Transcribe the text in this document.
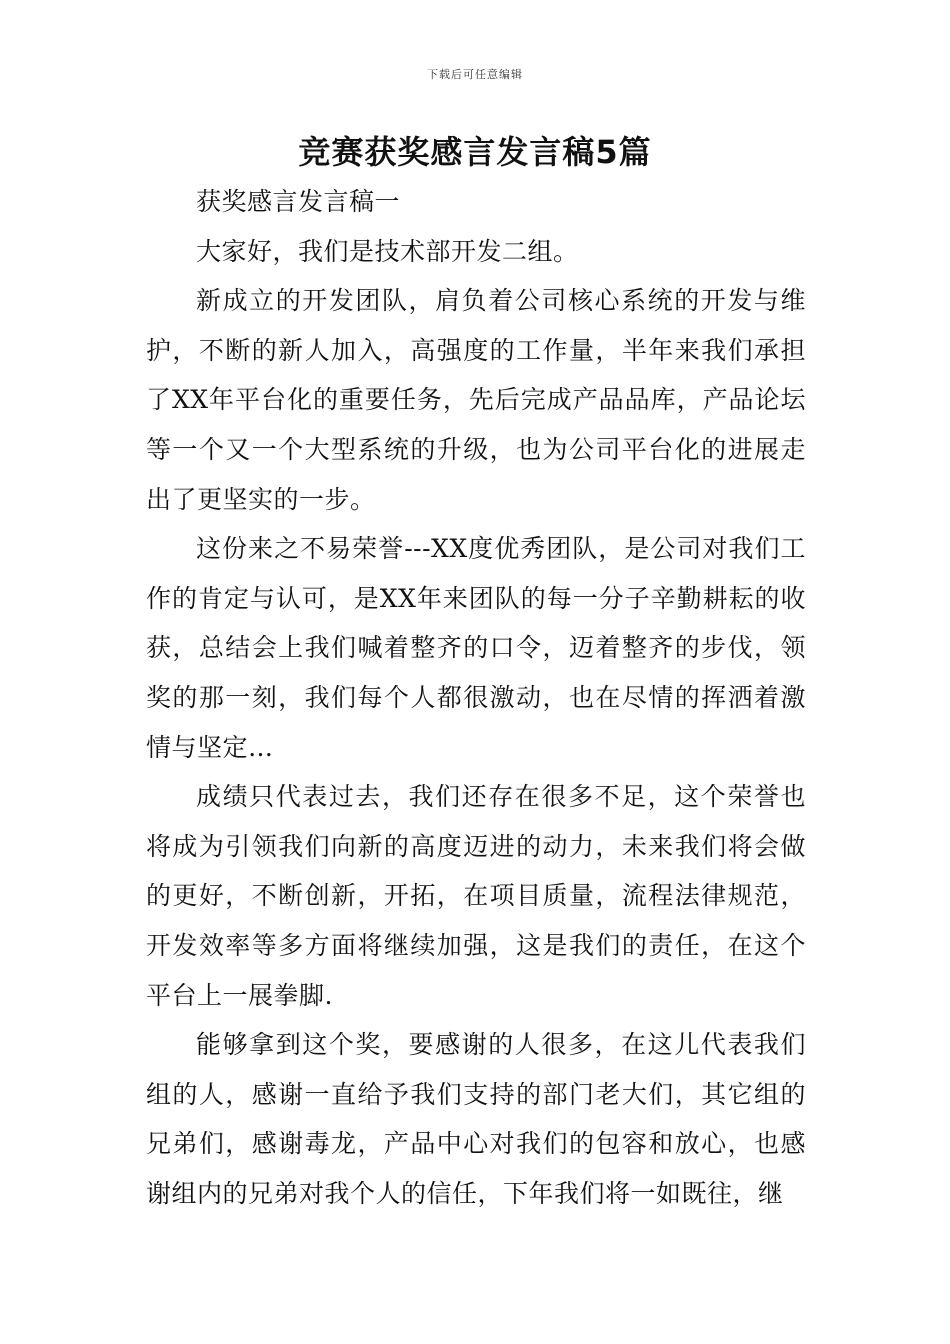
下载后可任意编辑
竞赛获奖感言发言稿5篇

获奖感言发言稿一

大家好，我们是技术部开发二组。

新成立的开发团队，肩负着公司核心系统的开发与维护，不断的新人加入，高强度的工作量，半年来我们承担了XX年平台化的重要任务，先后完成产品品库，产品论坛等一个又一个大型系统的升级，也为公司平台化的进展走出了更坚实的一步。

这份来之不易荣誉---XX度优秀团队，是公司对我们工作的肯定与认可，是XX年来团队的每一分子辛勤耕耘的收获，总结会上我们喊着整齐的口令，迈着整齐的步伐，领奖的那一刻，我们每个人都很激动，也在尽情的挥洒着激情与坚定…

成绩只代表过去，我们还存在很多不足，这个荣誉也将成为引领我们向新的高度迈进的动力，未来我们将会做的更好，不断创新，开拓，在项目质量，流程法律规范，开发效率等多方面将继续加强，这是我们的责任，在这个平台上一展拳脚.

能够拿到这个奖，要感谢的人很多，在这儿代表我们组的人，感谢一直给予我们支持的部门老大们，其它组的兄弟们，感谢毒龙，产品中心对我们的包容和放心，也感谢组内的兄弟对我个人的信任，下年我们将一如既往，继
